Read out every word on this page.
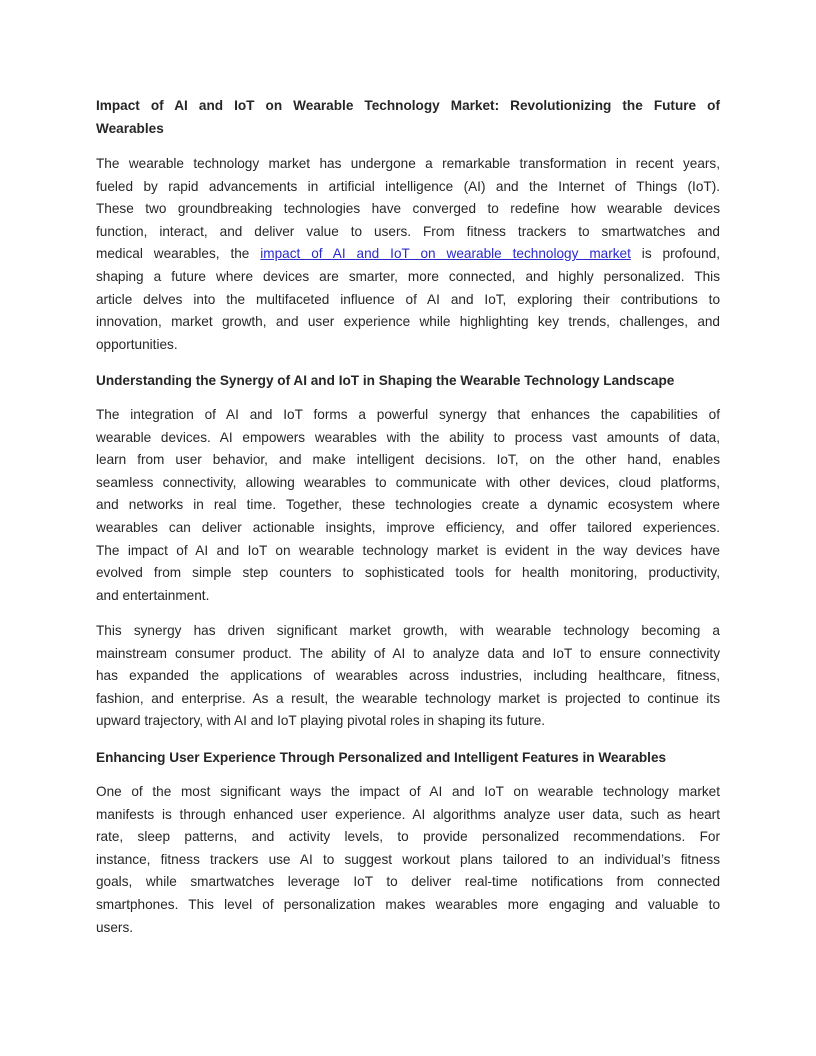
Impact of AI and IoT on Wearable Technology Market: Revolutionizing the Future of
Wearables
The wearable technology market has undergone a remarkable transformation in recent years,
fueled by rapid advancements in artificial intelligence (AI) and the Internet of Things (IoT).
These two groundbreaking technologies have converged to redefine how wearable devices
function, interact, and deliver value to users. From fitness trackers to smartwatches and
medical wearables, the impact of AI and IoT on wearable technology market is profound,
shaping a future where devices are smarter, more connected, and highly personalized. This
article delves into the multifaceted influence of AI and IoT, exploring their contributions to
innovation, market growth, and user experience while highlighting key trends, challenges, and
opportunities.
Understanding the Synergy of AI and IoT in Shaping the Wearable Technology Landscape
The integration of AI and IoT forms a powerful synergy that enhances the capabilities of
wearable devices. AI empowers wearables with the ability to process vast amounts of data,
learn from user behavior, and make intelligent decisions. IoT, on the other hand, enables
seamless connectivity, allowing wearables to communicate with other devices, cloud platforms,
and networks in real time. Together, these technologies create a dynamic ecosystem where
wearables can deliver actionable insights, improve efficiency, and offer tailored experiences.
The impact of AI and IoT on wearable technology market is evident in the way devices have
evolved from simple step counters to sophisticated tools for health monitoring, productivity,
and entertainment.
This synergy has driven significant market growth, with wearable technology becoming a
mainstream consumer product. The ability of AI to analyze data and IoT to ensure connectivity
has expanded the applications of wearables across industries, including healthcare, fitness,
fashion, and enterprise. As a result, the wearable technology market is projected to continue its
upward trajectory, with AI and IoT playing pivotal roles in shaping its future.
Enhancing User Experience Through Personalized and Intelligent Features in Wearables
One of the most significant ways the impact of AI and IoT on wearable technology market
manifests is through enhanced user experience. AI algorithms analyze user data, such as heart
rate, sleep patterns, and activity levels, to provide personalized recommendations. For
instance, fitness trackers use AI to suggest workout plans tailored to an individual’s fitness
goals, while smartwatches leverage IoT to deliver real-time notifications from connected
smartphones. This level of personalization makes wearables more engaging and valuable to
users.
